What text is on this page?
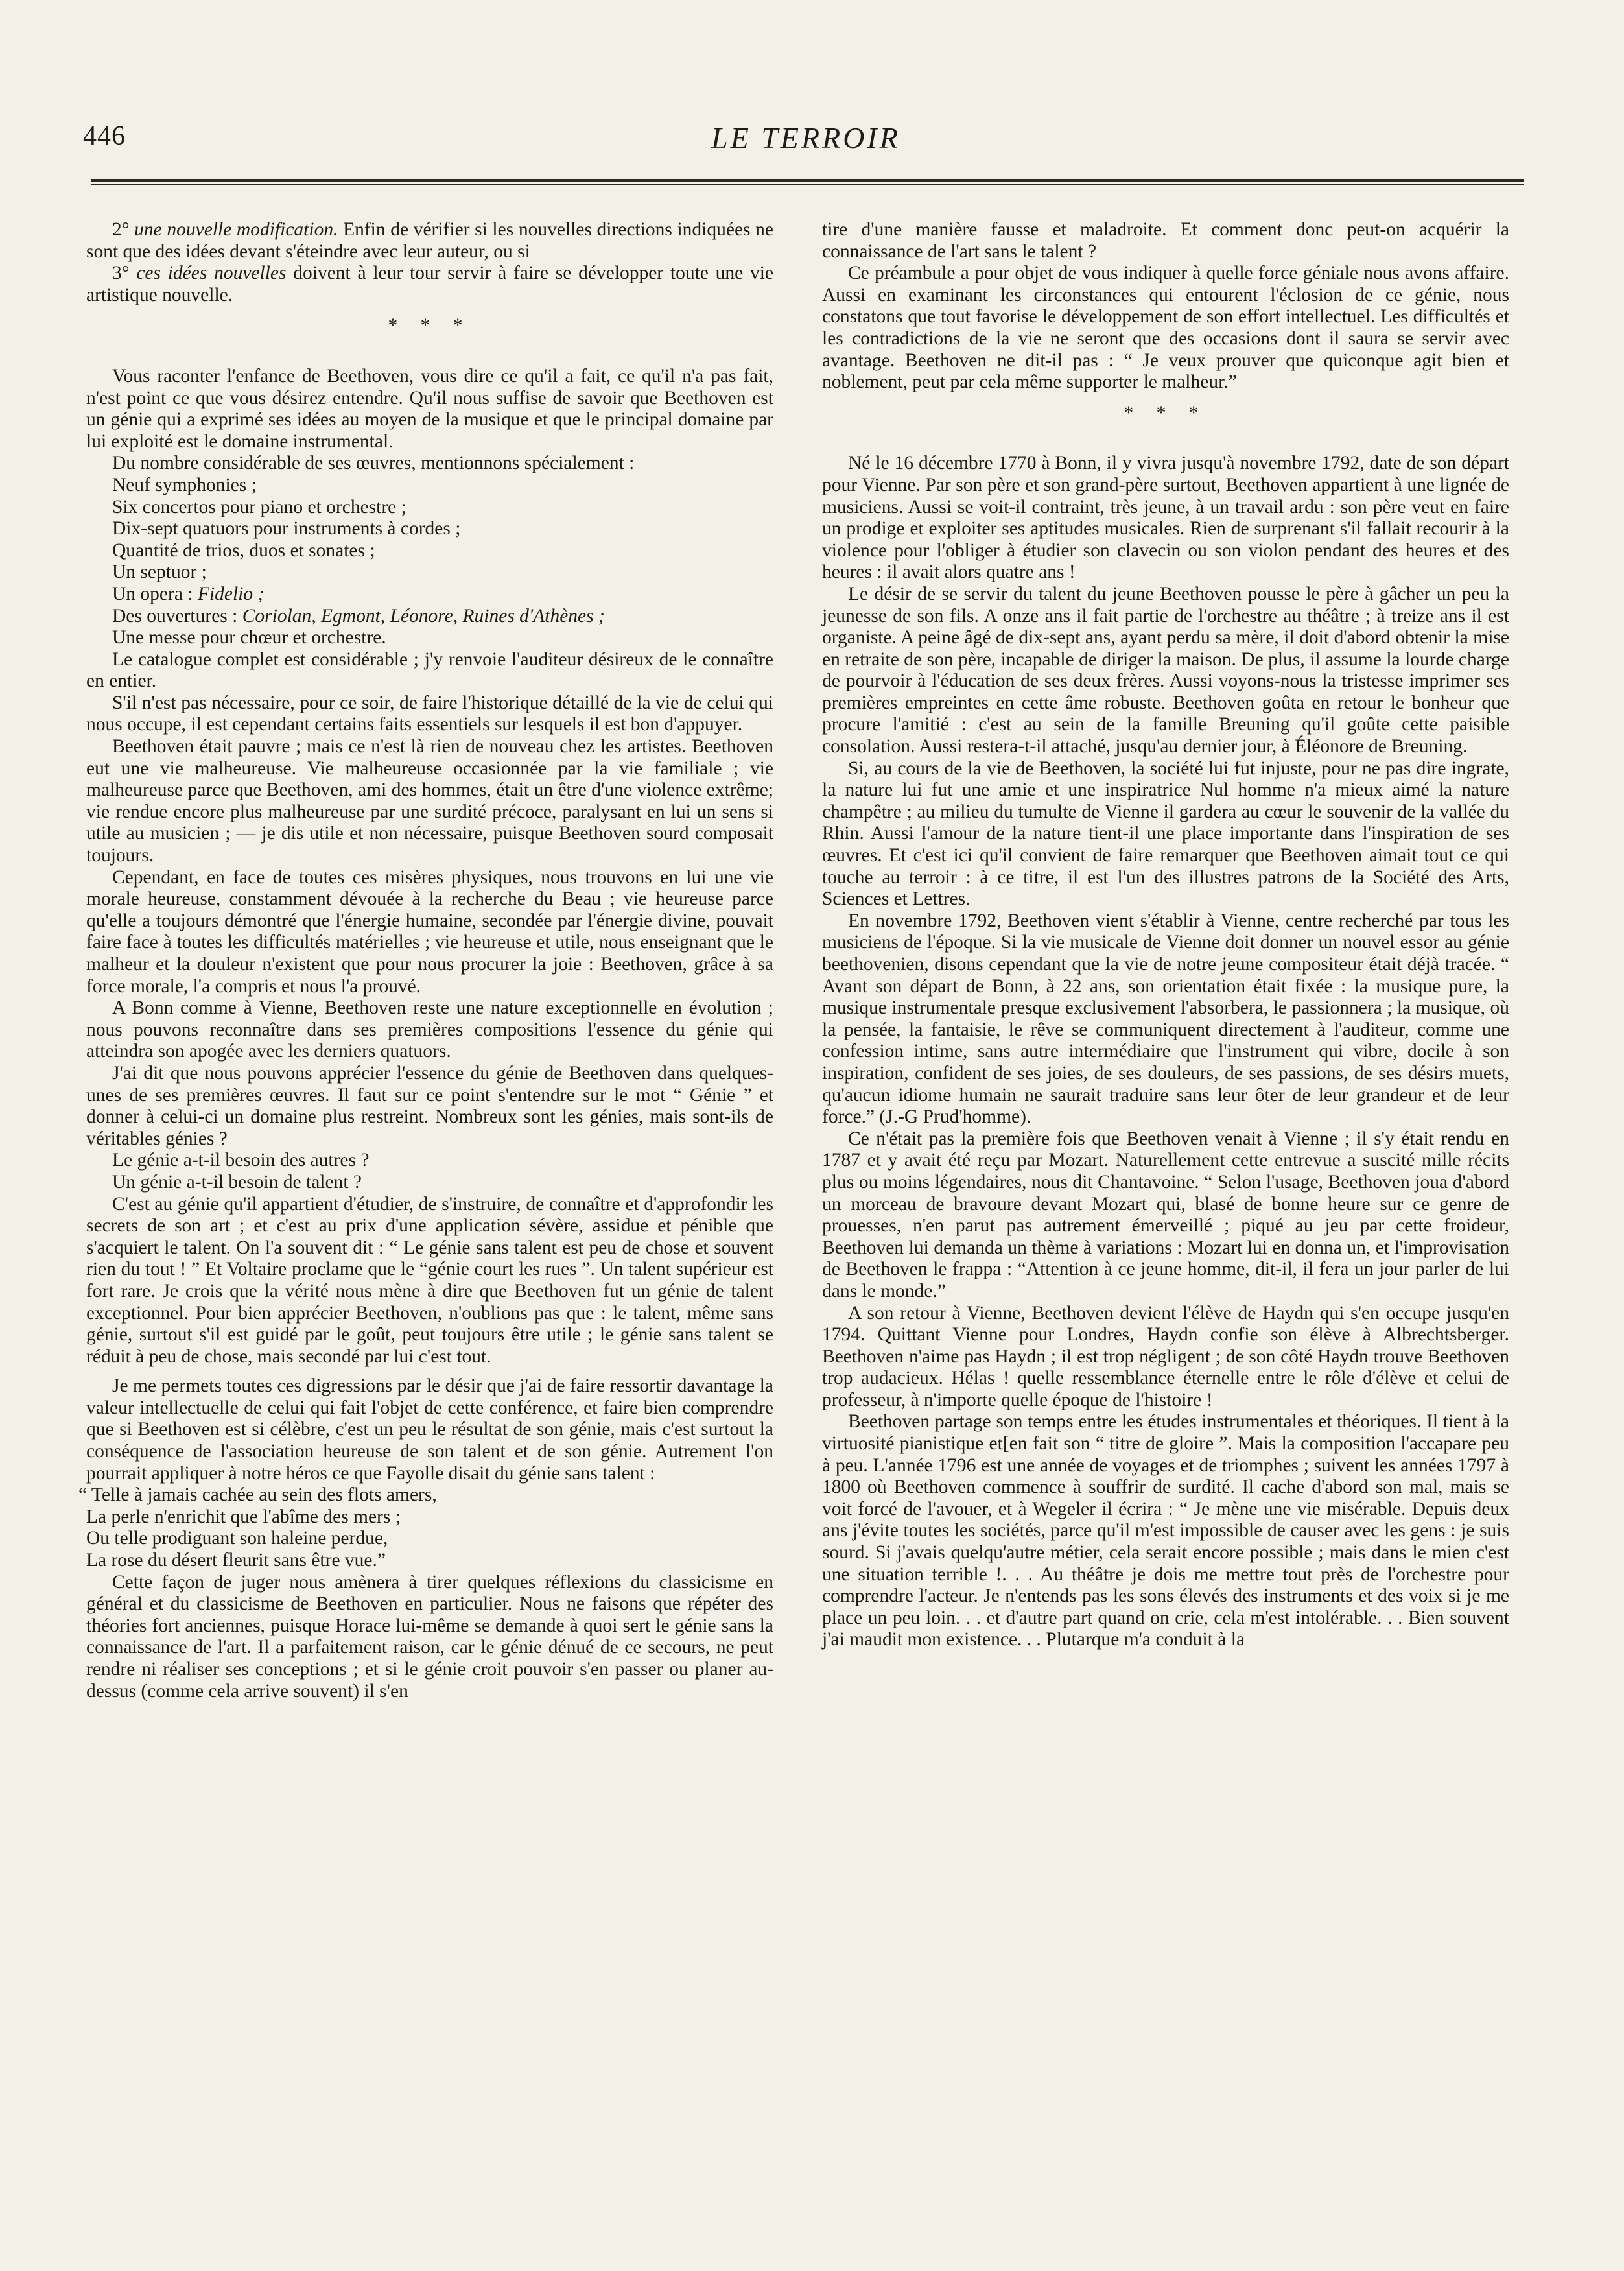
446	LE TERROIR

2° une nouvelle modification. Enfin de vérifier si les nouvelles directions indiquées ne sont que des idées devant s'éteindre avec leur auteur, ou si

3° ces idées nouvelles doivent à leur tour servir à faire se développer toute une vie artistique nouvelle.

* * *

Vous raconter l'enfance de Beethoven, vous dire ce qu'il a fait, ce qu'il n'a pas fait, n'est point ce que vous désirez entendre. Qu'il nous suffise de savoir que Beethoven est un génie qui a exprimé ses idées au moyen de la musique et que le principal domaine par lui exploité est le domaine instrumental.

Du nombre considérable de ses œuvres, mentionnons spécialement :

Neuf symphonies ;

Six concertos pour piano et orchestre ;

Dix-sept quatuors pour instruments à cordes ;

Quantité de trios, duos et sonates ;

Un septuor ;

Un opera : Fidelio ;

Des ouvertures : Coriolan, Egmont, Léonore, Ruines d'Athènes ;

Une messe pour chœur et orchestre.

Le catalogue complet est considérable ; j'y renvoie l'auditeur désireux de le connaître en entier.

S'il n'est pas nécessaire, pour ce soir, de faire l'historique détaillé de la vie de celui qui nous occupe, il est cependant certains faits essentiels sur lesquels il est bon d'appuyer.

Beethoven était pauvre ; mais ce n'est là rien de nouveau chez les artistes. Beethoven eut une vie malheureuse. Vie malheureuse occasionnée par la vie familiale ; vie malheureuse parce que Beethoven, ami des hommes, était un être d'une violence extrême; vie rendue encore plus malheureuse par une surdité précoce, paralysant en lui un sens si utile au musicien ; — je dis utile et non nécessaire, puisque Beethoven sourd composait toujours.

Cependant, en face de toutes ces misères physiques, nous trouvons en lui une vie morale heureuse, constamment dévouée à la recherche du Beau ; vie heureuse parce qu'elle a toujours démontré que l'énergie humaine, secondée par l'énergie divine, pouvait faire face à toutes les difficultés matérielles ; vie heureuse et utile, nous enseignant que le malheur et la douleur n'existent que pour nous procurer la joie : Beethoven, grâce à sa force morale, l'a compris et nous l'a prouvé.

A Bonn comme à Vienne, Beethoven reste une nature exceptionnelle en évolution ; nous pouvons reconnaître dans ses premières compositions l'essence du génie qui atteindra son apogée avec les derniers quatuors.

J'ai dit que nous pouvons apprécier l'essence du génie de Beethoven dans quelques-unes de ses premières œuvres. Il faut sur ce point s'entendre sur le mot “ Génie ” et donner à celui-ci un domaine plus restreint. Nombreux sont les génies, mais sont-ils de véritables génies ?

Le génie a-t-il besoin des autres ?

Un génie a-t-il besoin de talent ?

C'est au génie qu'il appartient d'étudier, de s'instruire, de connaître et d'approfondir les secrets de son art ; et c'est au prix d'une application sévère, assidue et pénible que s'acquiert le talent. On l'a souvent dit : “ Le génie sans talent est peu de chose et souvent rien du tout ! ” Et Voltaire proclame que le “génie court les rues ”. Un talent supérieur est fort rare. Je crois que la vérité nous mène à dire que Beethoven fut un génie de talent exceptionnel. Pour bien apprécier Beethoven, n'oublions pas que : le talent, même sans génie, surtout s'il est guidé par le goût, peut toujours être utile ; le génie sans talent se réduit à peu de chose, mais secondé par lui c'est tout.

Je me permets toutes ces digressions par le désir que j'ai de faire ressortir davantage la valeur intellectuelle de celui qui fait l'objet de cette conférence, et faire bien comprendre que si Beethoven est si célèbre, c'est un peu le résultat de son génie, mais c'est surtout la conséquence de l'association heureuse de son talent et de son génie. Autrement l'on pourrait appliquer à notre héros ce que Fayolle disait du génie sans talent :

“ Telle à jamais cachée au sein des flots amers,
La perle n'enrichit que l'abîme des mers ;
Ou telle prodiguant son haleine perdue,
La rose du désert fleurit sans être vue.”

Cette façon de juger nous amènera à tirer quelques réflexions du classicisme en général et du classicisme de Beethoven en particulier. Nous ne faisons que répéter des théories fort anciennes, puisque Horace lui-même se demande à quoi sert le génie sans la connaissance de l'art. Il a parfaitement raison, car le génie dénué de ce secours, ne peut rendre ni réaliser ses conceptions ; et si le génie croit pouvoir s'en passer ou planer au-dessus (comme cela arrive souvent) il s'en

tire d'une manière fausse et maladroite. Et comment donc peut-on acquérir la connaissance de l'art sans le talent ?

Ce préambule a pour objet de vous indiquer à quelle force géniale nous avons affaire. Aussi en examinant les circonstances qui entourent l'éclosion de ce génie, nous constatons que tout favorise le développement de son effort intellectuel. Les difficultés et les contradictions de la vie ne seront que des occasions dont il saura se servir avec avantage. Beethoven ne dit-il pas : “ Je veux prouver que quiconque agit bien et noblement, peut par cela même supporter le malheur.”

* * *

Né le 16 décembre 1770 à Bonn, il y vivra jusqu'à novembre 1792, date de son départ pour Vienne. Par son père et son grand-père surtout, Beethoven appartient à une lignée de musiciens. Aussi se voit-il contraint, très jeune, à un travail ardu : son père veut en faire un prodige et exploiter ses aptitudes musicales. Rien de surprenant s'il fallait recourir à la violence pour l'obliger à étudier son clavecin ou son violon pendant des heures et des heures : il avait alors quatre ans !

Le désir de se servir du talent du jeune Beethoven pousse le père à gâcher un peu la jeunesse de son fils. A onze ans il fait partie de l'orchestre au théâtre ; à treize ans il est organiste. A peine âgé de dix-sept ans, ayant perdu sa mère, il doit d'abord obtenir la mise en retraite de son père, incapable de diriger la maison. De plus, il assume la lourde charge de pourvoir à l'éducation de ses deux frères. Aussi voyons-nous la tristesse imprimer ses premières empreintes en cette âme robuste. Beethoven goûta en retour le bonheur que procure l'amitié : c'est au sein de la famille Breuning qu'il goûte cette paisible consolation. Aussi restera-t-il attaché, jusqu'au dernier jour, à Éléonore de Breuning.

Si, au cours de la vie de Beethoven, la société lui fut injuste, pour ne pas dire ingrate, la nature lui fut une amie et une inspiratrice Nul homme n'a mieux aimé la nature champêtre ; au milieu du tumulte de Vienne il gardera au cœur le souvenir de la vallée du Rhin. Aussi l'amour de la nature tient-il une place importante dans l'inspiration de ses œuvres. Et c'est ici qu'il convient de faire remarquer que Beethoven aimait tout ce qui touche au terroir : à ce titre, il est l'un des illustres patrons de la Société des Arts, Sciences et Lettres.

En novembre 1792, Beethoven vient s'établir à Vienne, centre recherché par tous les musiciens de l'époque. Si la vie musicale de Vienne doit donner un nouvel essor au génie beethovenien, disons cependant que la vie de notre jeune compositeur était déjà tracée. “ Avant son départ de Bonn, à 22 ans, son orientation était fixée : la musique pure, la musique instrumentale presque exclusivement l'absorbera, le passionnera ; la musique, où la pensée, la fantaisie, le rêve se communiquent directement à l'auditeur, comme une confession intime, sans autre intermédiaire que l'instrument qui vibre, docile à son inspiration, confident de ses joies, de ses douleurs, de ses passions, de ses désirs muets, qu'aucun idiome humain ne saurait traduire sans leur ôter de leur grandeur et de leur force.” (J.-G Prud'homme).

Ce n'était pas la première fois que Beethoven venait à Vienne ; il s'y était rendu en 1787 et y avait été reçu par Mozart. Naturellement cette entrevue a suscité mille récits plus ou moins légendaires, nous dit Chantavoine. “ Selon l'usage, Beethoven joua d'abord un morceau de bravoure devant Mozart qui, blasé de bonne heure sur ce genre de prouesses, n'en parut pas autrement émerveillé ; piqué au jeu par cette froideur, Beethoven lui demanda un thème à variations : Mozart lui en donna un, et l'improvisation de Beethoven le frappa : “Attention à ce jeune homme, dit-il, il fera un jour parler de lui dans le monde.”

A son retour à Vienne, Beethoven devient l'élève de Haydn qui s'en occupe jusqu'en 1794. Quittant Vienne pour Londres, Haydn confie son élève à Albrechtsberger. Beethoven n'aime pas Haydn ; il est trop négligent ; de son côté Haydn trouve Beethoven trop audacieux. Hélas ! quelle ressemblance éternelle entre le rôle d'élève et celui de professeur, à n'importe quelle époque de l'histoire !

Beethoven partage son temps entre les études instrumentales et théoriques. Il tient à la virtuosité pianistique et[en fait son “ titre de gloire ”. Mais la composition l'accapare peu à peu. L'année 1796 est une année de voyages et de triomphes ; suivent les années 1797 à 1800 où Beethoven commence à souffrir de surdité. Il cache d'abord son mal, mais se voit forcé de l'avouer, et à Wegeler il écrira : “ Je mène une vie misérable. Depuis deux ans j'évite toutes les sociétés, parce qu'il m'est impossible de causer avec les gens : je suis sourd. Si j'avais quelqu'autre métier, cela serait encore possible ; mais dans le mien c'est une situation terrible !. . . Au théâtre je dois me mettre tout près de l'orchestre pour comprendre l'acteur. Je n'entends pas les sons élevés des instruments et des voix si je me place un peu loin. . . et d'autre part quand on crie, cela m'est intolérable. . . Bien souvent j'ai maudit mon existence. . . Plutarque m'a conduit à la
